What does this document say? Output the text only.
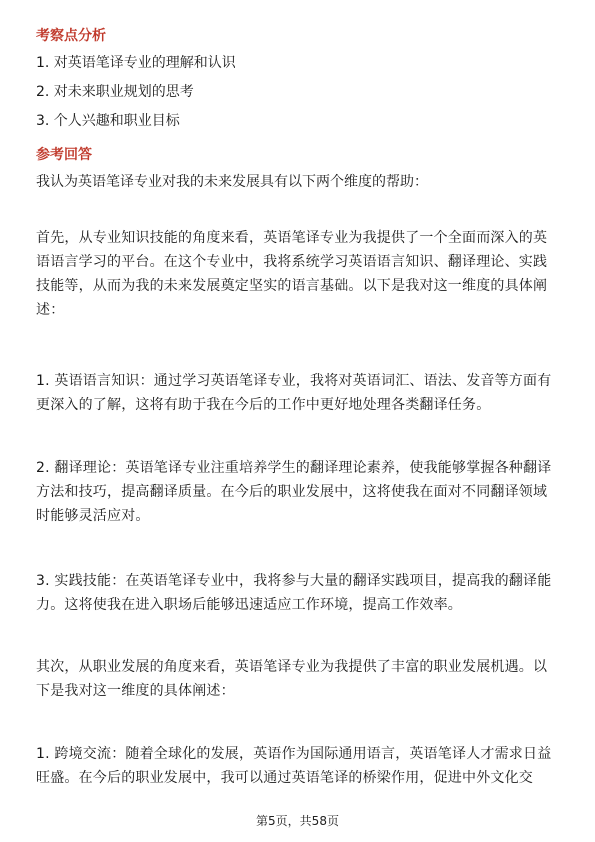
考察点分析
1. 对英语笔译专业的理解和认识
2. 对未来职业规划的思考
3. 个人兴趣和职业目标
参考回答
我认为英语笔译专业对我的未来发展具有以下两个维度的帮助：
首先，从专业知识技能的角度来看，英语笔译专业为我提供了一个全面而深入的英
语语言学习的平台。在这个专业中，我将系统学习英语语言知识、翻译理论、实践
技能等，从而为我的未来发展奠定坚实的语言基础。以下是我对这一维度的具体阐
述：
1. 英语语言知识：通过学习英语笔译专业，我将对英语词汇、语法、发音等方面有
更深入的了解，这将有助于我在今后的工作中更好地处理各类翻译任务。
2. 翻译理论：英语笔译专业注重培养学生的翻译理论素养，使我能够掌握各种翻译
方法和技巧，提高翻译质量。在今后的职业发展中，这将使我在面对不同翻译领域
时能够灵活应对。
3. 实践技能：在英语笔译专业中，我将参与大量的翻译实践项目，提高我的翻译能
力。这将使我在进入职场后能够迅速适应工作环境，提高工作效率。
其次，从职业发展的角度来看，英语笔译专业为我提供了丰富的职业发展机遇。以
下是我对这一维度的具体阐述：
1. 跨境交流：随着全球化的发展，英语作为国际通用语言，英语笔译人才需求日益
旺盛。在今后的职业发展中，我可以通过英语笔译的桥梁作用，促进中外文化交
第5页，共58页
